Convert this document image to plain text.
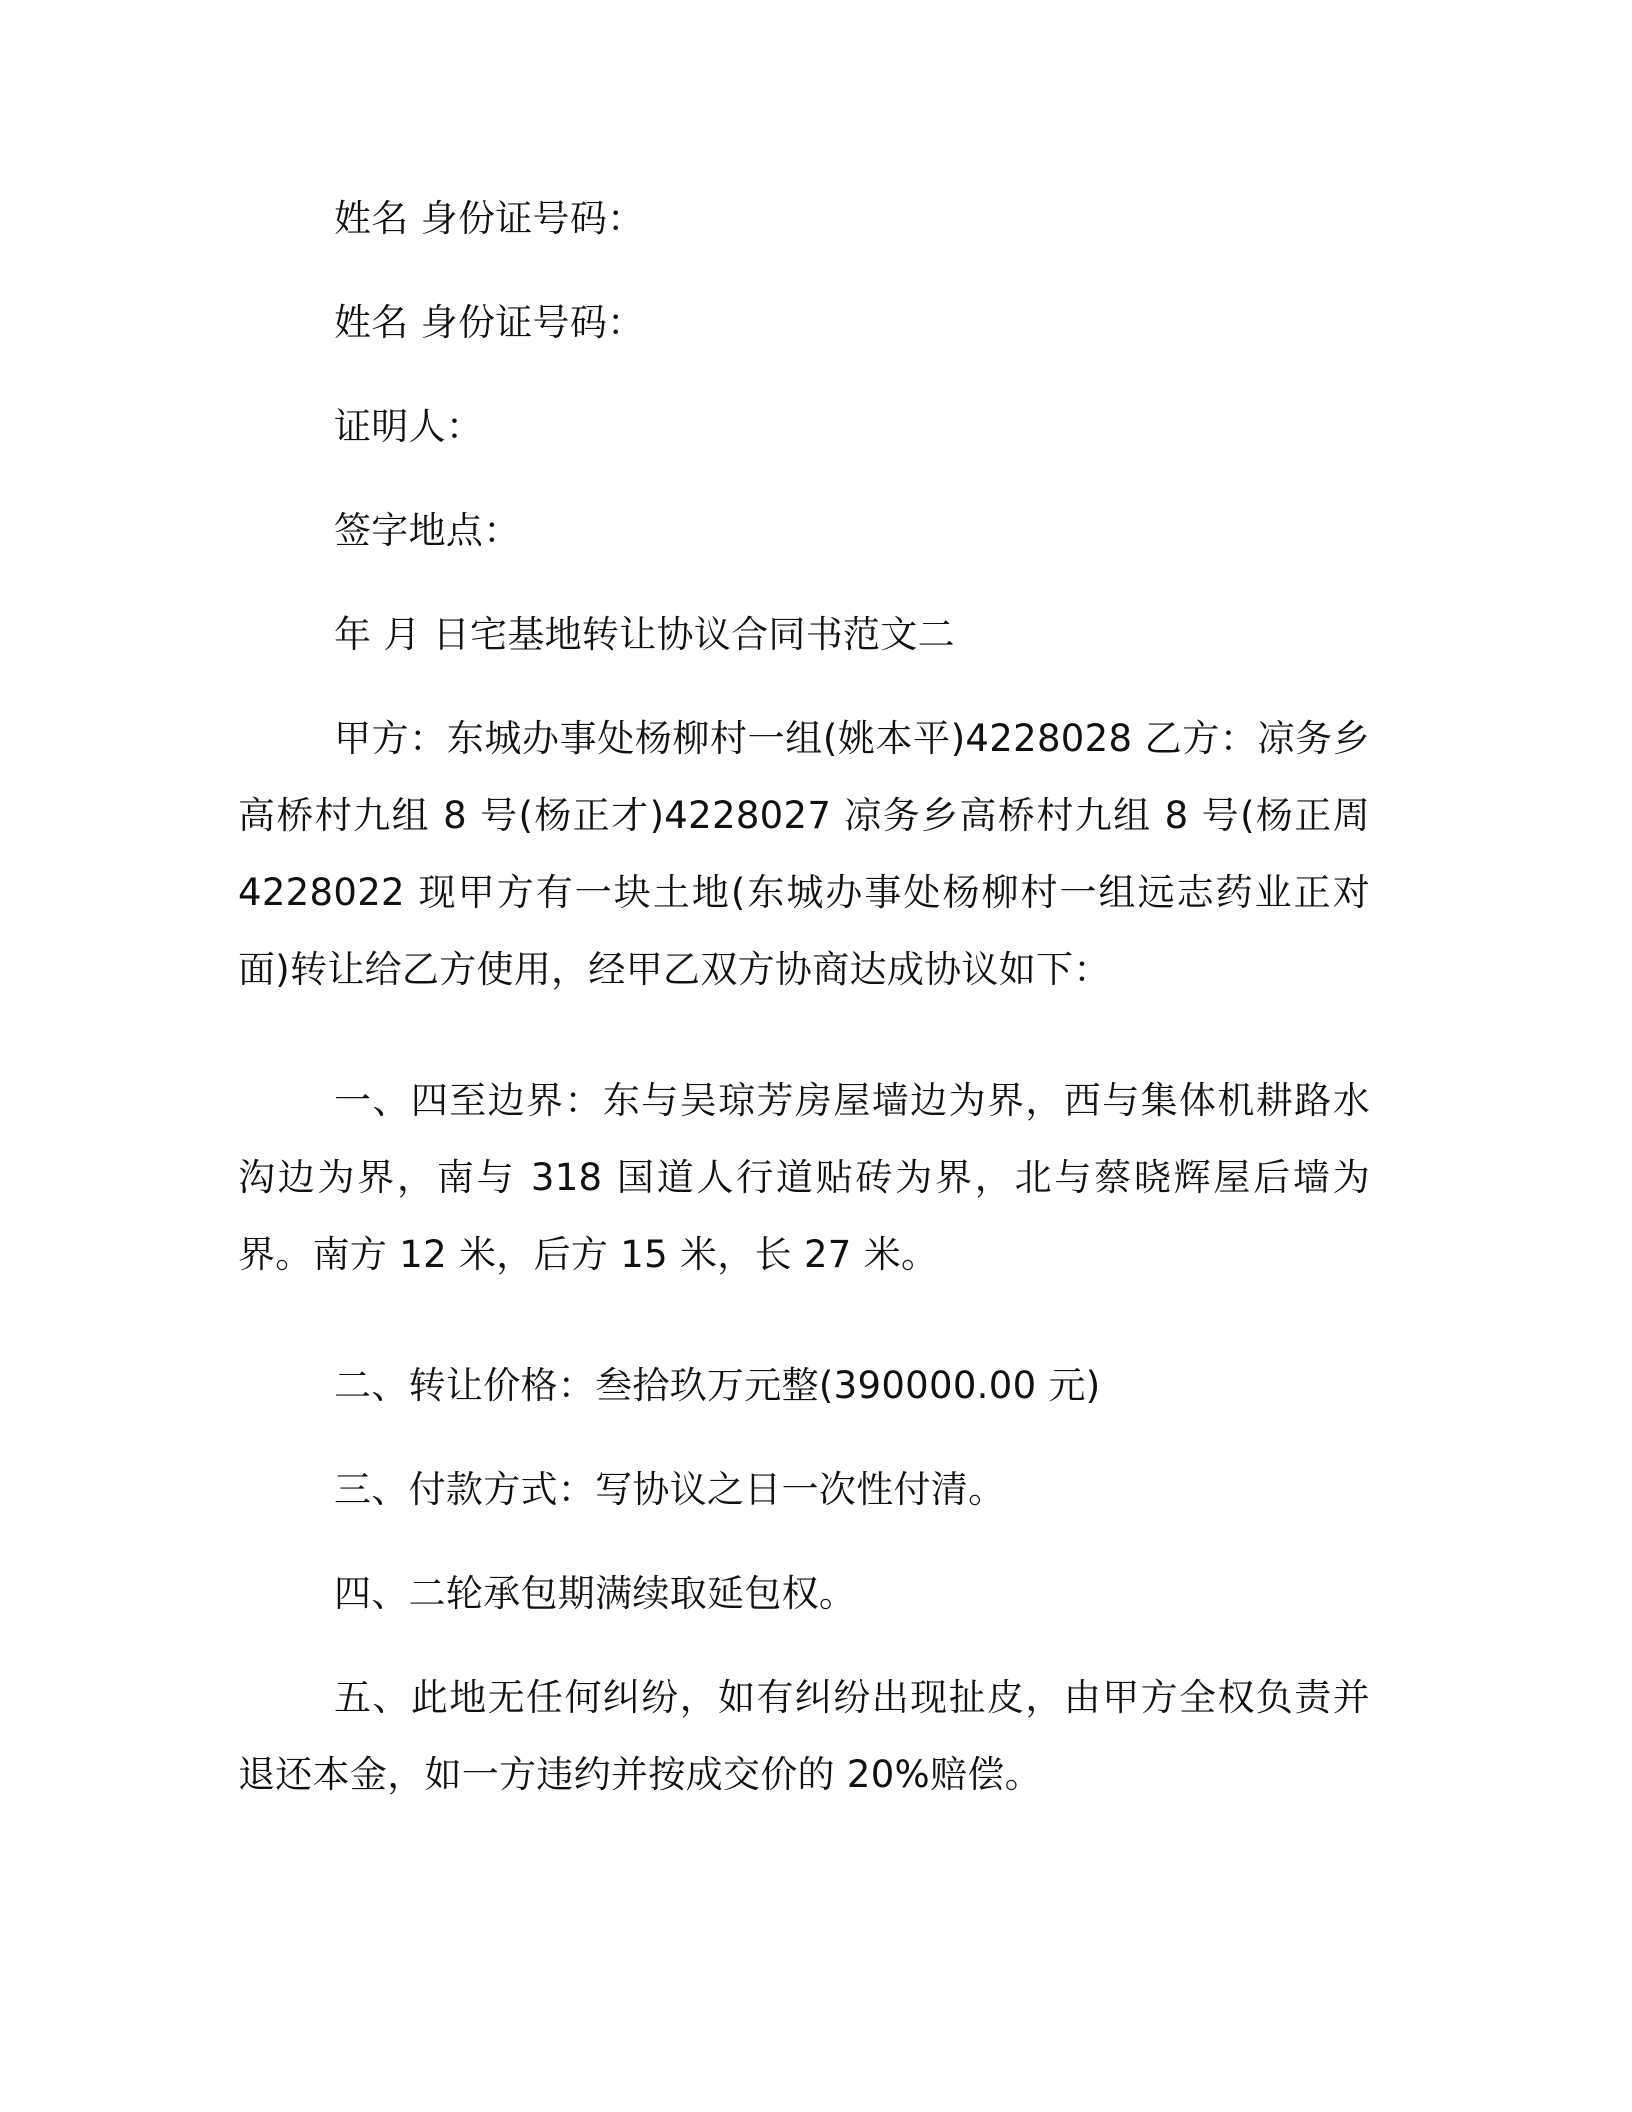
姓名 身份证号码：

姓名 身份证号码：

证明人：

签字地点：

年 月 日宅基地转让协议合同书范文二

甲方：东城办事处杨柳村一组(姚本平)4228028 乙方：凉务乡高桥村九组 8 号(杨正才)4228027 凉务乡高桥村九组 8 号(杨正周 4228022 现甲方有一块土地(东城办事处杨柳村一组远志药业正对面)转让给乙方使用，经甲乙双方协商达成协议如下：

一、四至边界：东与吴琼芳房屋墙边为界，西与集体机耕路水沟边为界，南与 318 国道人行道贴砖为界，北与蔡晓辉屋后墙为界。南方 12 米，后方 15 米，长 27 米。

二、转让价格：叁拾玖万元整(390000.00 元)

三、付款方式：写协议之日一次性付清。

四、二轮承包期满续取延包权。

五、此地无任何纠纷，如有纠纷出现扯皮，由甲方全权负责并退还本金，如一方违约并按成交价的 20%赔偿。
